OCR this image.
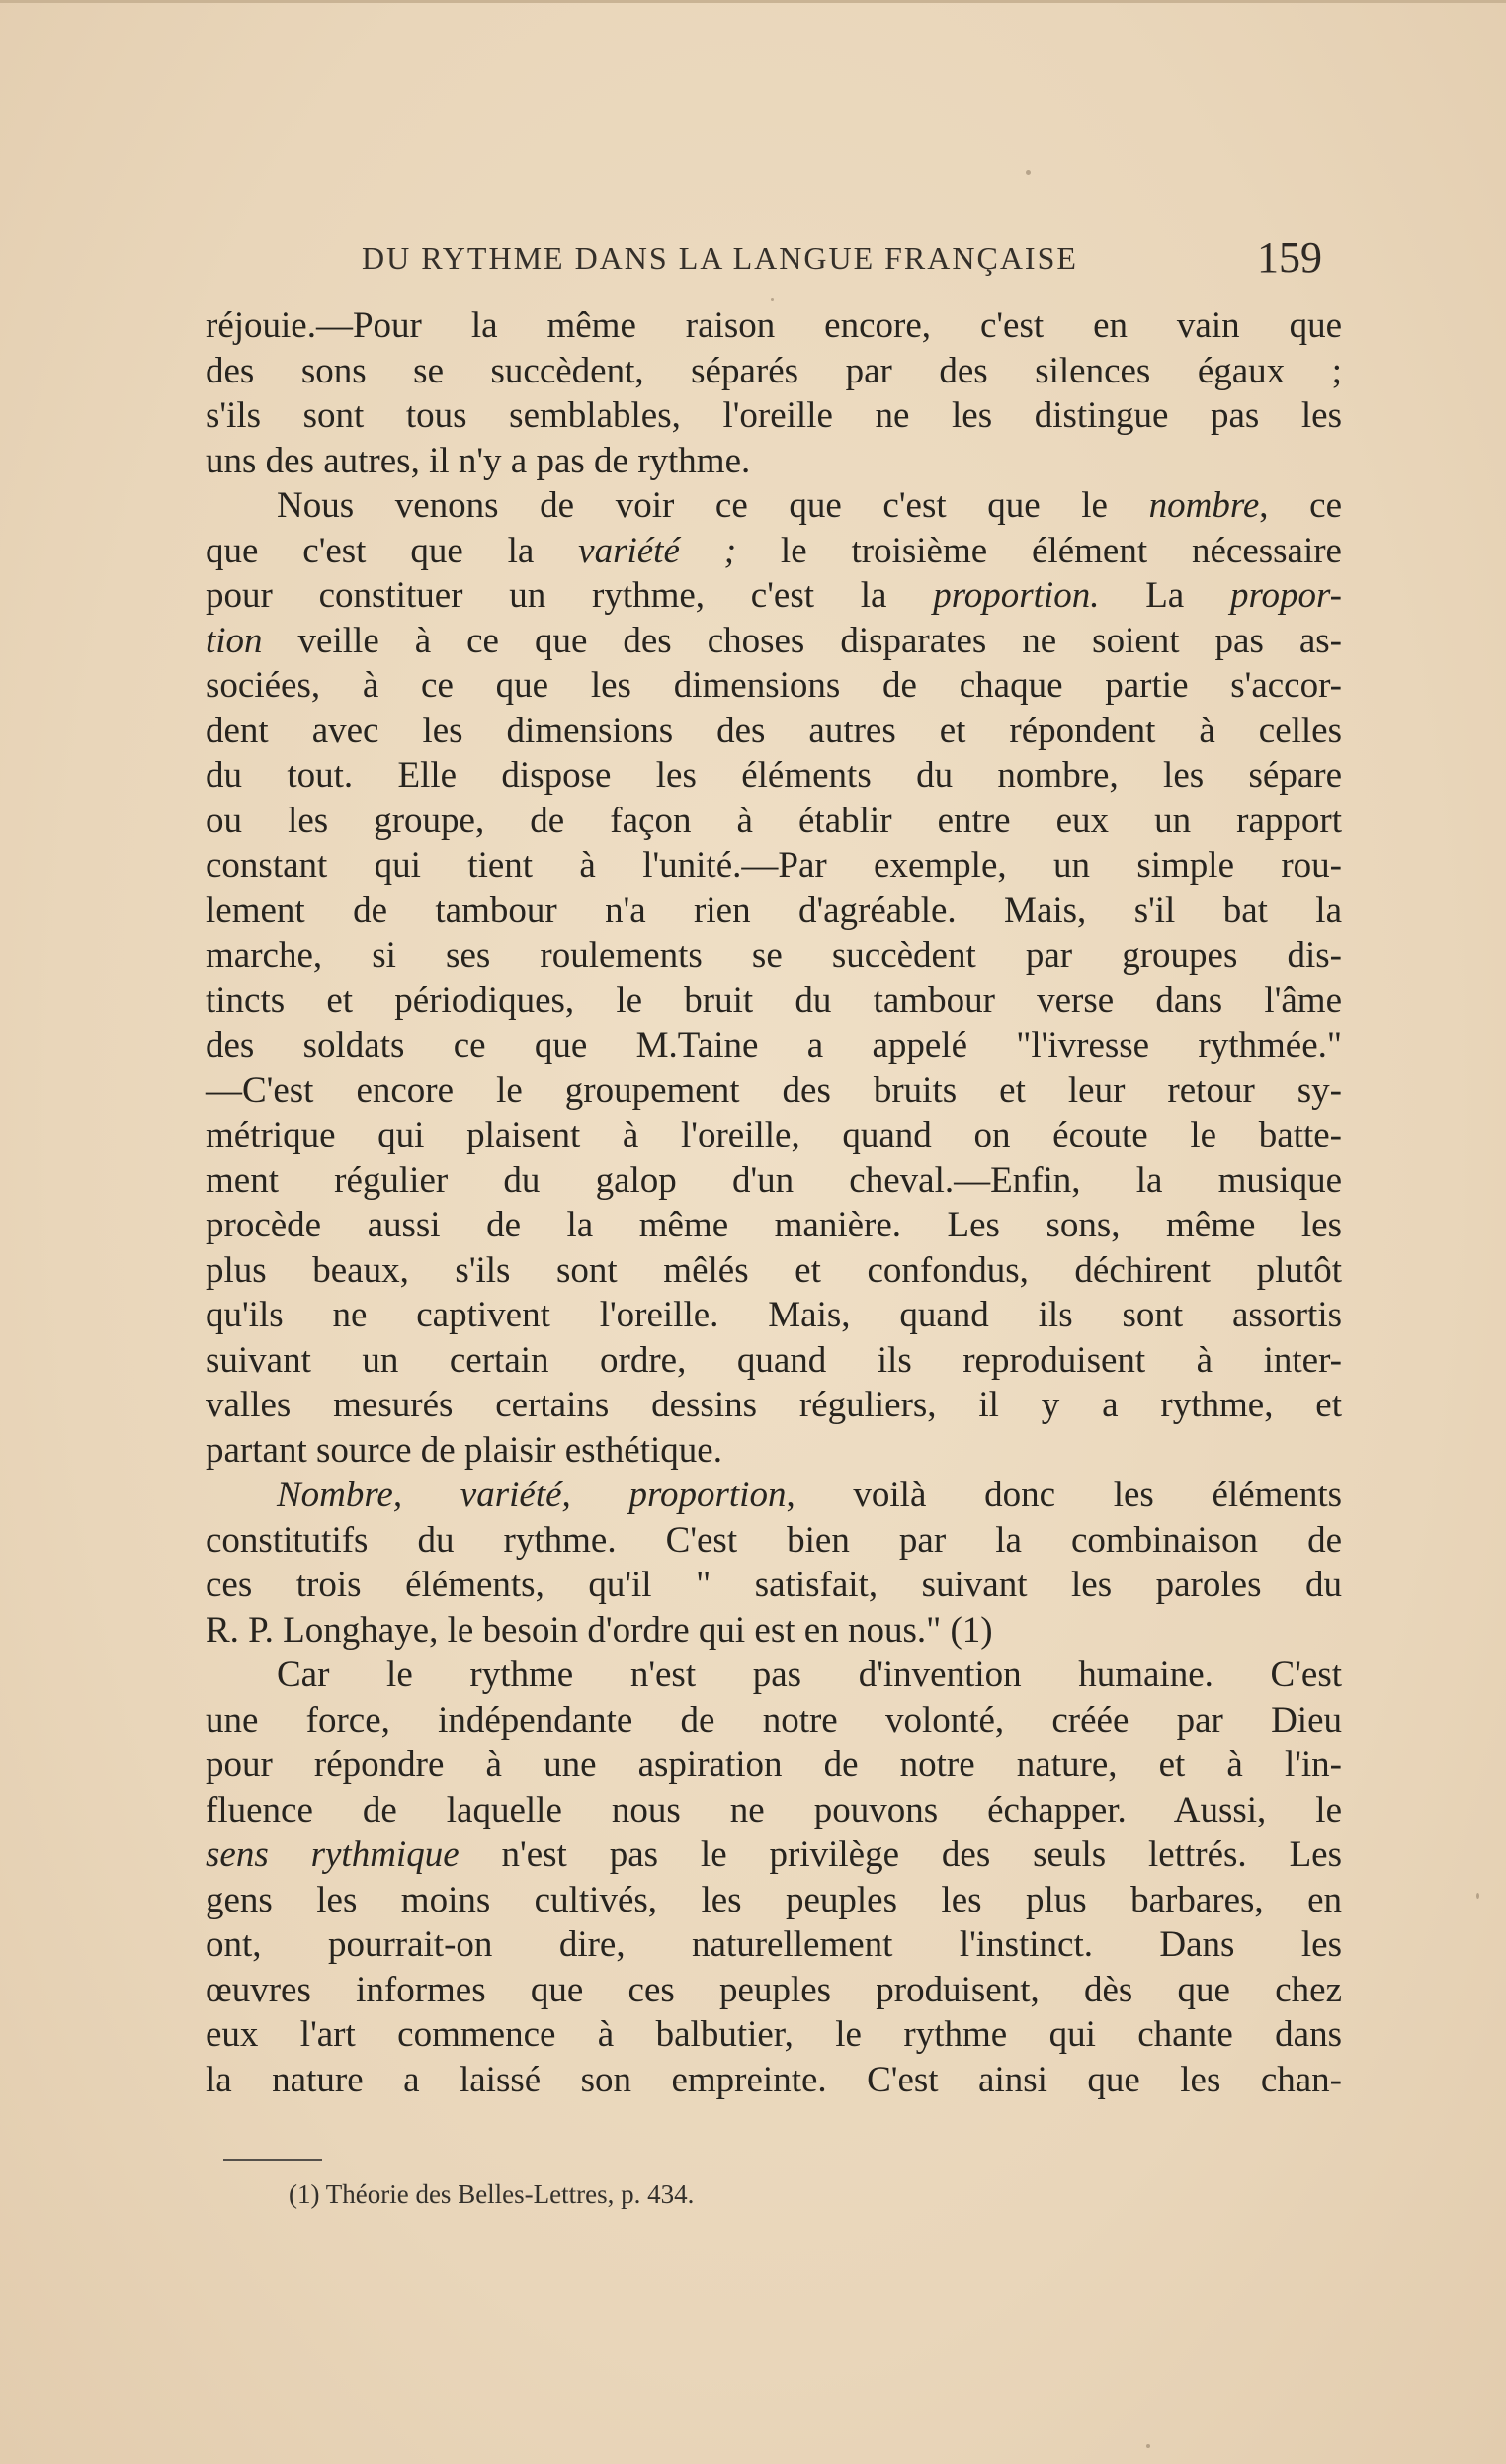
DU RYTHME DANS LA LANGUE FRANÇAISE	159
réjouie.—Pour la même raison encore, c'est en vain que
des sons se succèdent, séparés par des silences égaux ;
s'ils sont tous semblables, l'oreille ne les distingue pas les
uns des autres, il n'y a pas de rythme.
Nous venons de voir ce que c'est que le nombre, ce
que c'est que la variété ; le troisième élément nécessaire
pour constituer un rythme, c'est la proportion. La propor-
tion veille à ce que des choses disparates ne soient pas as-
sociées, à ce que les dimensions de chaque partie s'accor-
dent avec les dimensions des autres et répondent à celles
du tout. Elle dispose les éléments du nombre, les sépare
ou les groupe, de façon à établir entre eux un rapport
constant qui tient à l'unité.—Par exemple, un simple rou-
lement de tambour n'a rien d'agréable. Mais, s'il bat la
marche, si ses roulements se succèdent par groupes dis-
tincts et périodiques, le bruit du tambour verse dans l'âme
des soldats ce que M.Taine a appelé "l'ivresse rythmée."
—C'est encore le groupement des bruits et leur retour sy-
métrique qui plaisent à l'oreille, quand on écoute le batte-
ment régulier du galop d'un cheval.—Enfin, la musique
procède aussi de la même manière. Les sons, même les
plus beaux, s'ils sont mêlés et confondus, déchirent plutôt
qu'ils ne captivent l'oreille. Mais, quand ils sont assortis
suivant un certain ordre, quand ils reproduisent à inter-
valles mesurés certains dessins réguliers, il y a rythme, et
partant source de plaisir esthétique.
Nombre, variété, proportion, voilà donc les éléments
constitutifs du rythme. C'est bien par la combinaison de
ces trois éléments, qu'il " satisfait, suivant les paroles du
R. P. Longhaye, le besoin d'ordre qui est en nous." (1)
Car le rythme n'est pas d'invention humaine. C'est
une force, indépendante de notre volonté, créée par Dieu
pour répondre à une aspiration de notre nature, et à l'in-
fluence de laquelle nous ne pouvons échapper. Aussi, le
sens rythmique n'est pas le privilège des seuls lettrés. Les
gens les moins cultivés, les peuples les plus barbares, en
ont, pourrait-on dire, naturellement l'instinct. Dans les
œuvres informes que ces peuples produisent, dès que chez
eux l'art commence à balbutier, le rythme qui chante dans
la nature a laissé son empreinte. C'est ainsi que les chan-
(1) Théorie des Belles-Lettres, p. 434.
